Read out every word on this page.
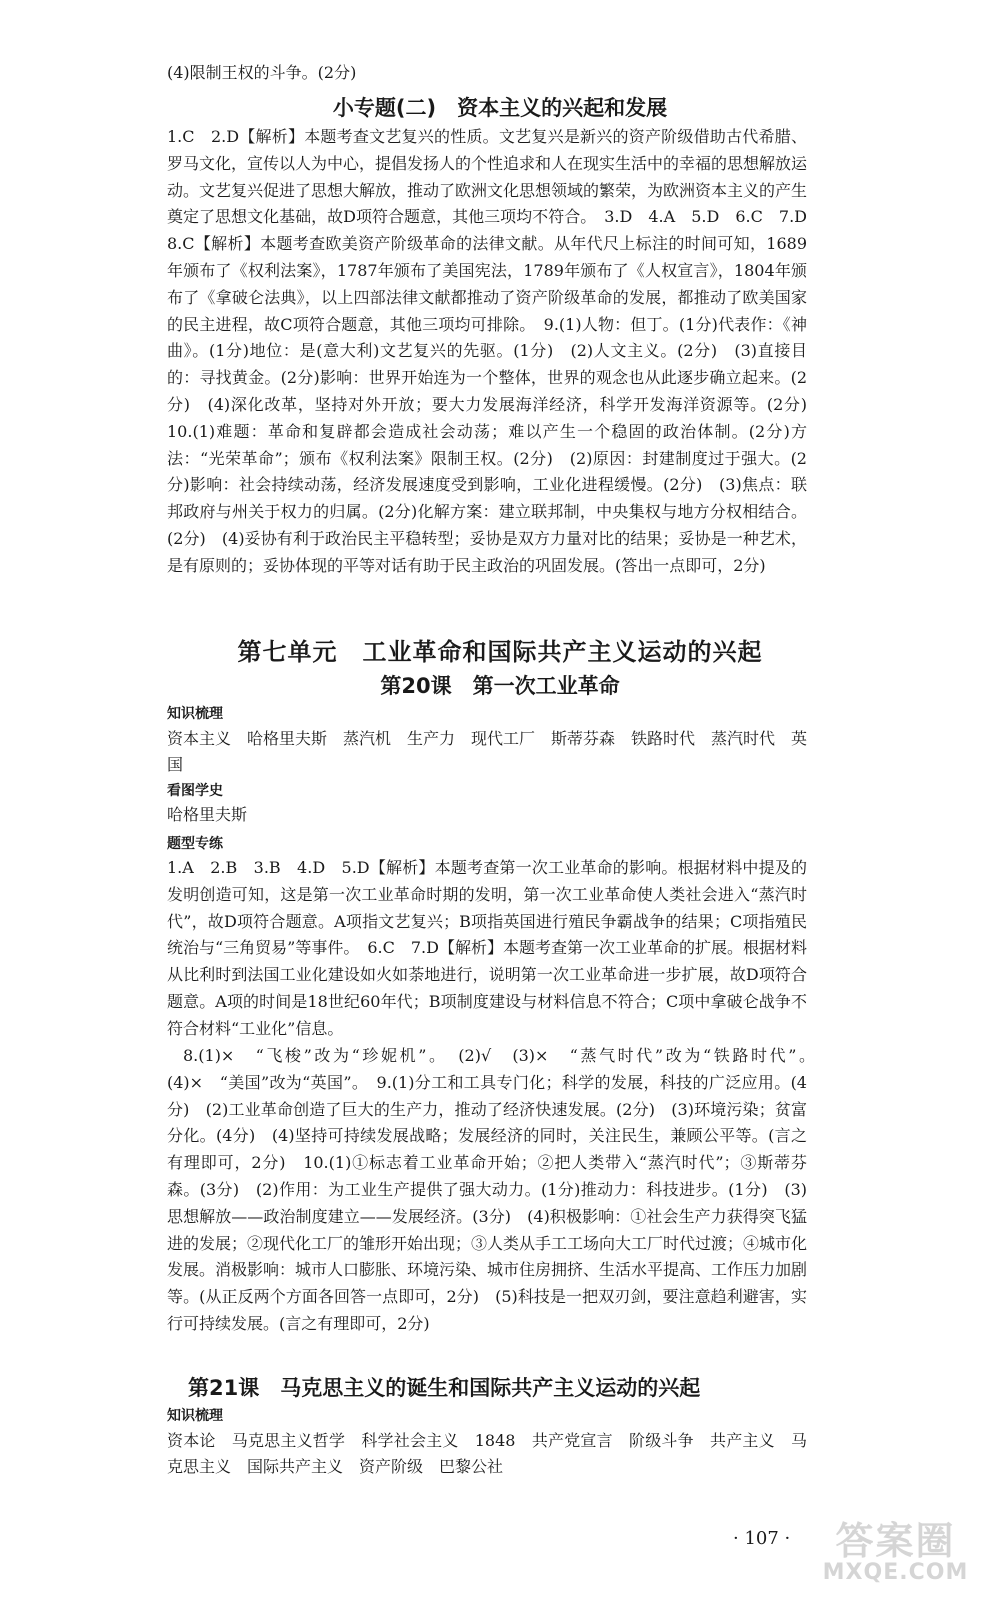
(4)限制王权的斗争。(2分)

小专题(二)　资本主义的兴起和发展

1.C　2.D【解析】本题考查文艺复兴的性质。文艺复兴是新兴的资产阶级借助古代希腊、罗马文化，宣传以人为中心，提倡发扬人的个性追求和人在现实生活中的幸福的思想解放运动。文艺复兴促进了思想大解放，推动了欧洲文化思想领域的繁荣，为欧洲资本主义的产生奠定了思想文化基础，故D项符合题意，其他三项均不符合。　3.D　4.A　5.D　6.C　7.D　8.C【解析】本题考查欧美资产阶级革命的法律文献。从年代尺上标注的时间可知，1689年颁布了《权利法案》，1787年颁布了美国宪法，1789年颁布了《人权宣言》，1804年颁布了《拿破仑法典》，以上四部法律文献都推动了资产阶级革命的发展，都推动了欧美国家的民主进程，故C项符合题意，其他三项均可排除。　9.(1)人物：但丁。(1分)代表作：《神曲》。(1分)地位：是(意大利)文艺复兴的先驱。(1分)　(2)人文主义。(2分)　(3)直接目的：寻找黄金。(2分)影响：世界开始连为一个整体，世界的观念也从此逐步确立起来。(2分)　(4)深化改革，坚持对外开放；要大力发展海洋经济，科学开发海洋资源等。(2分)　10.(1)难题：革命和复辟都会造成社会动荡；难以产生一个稳固的政治体制。(2分)方法：“光荣革命”；颁布《权利法案》限制王权。(2分)　(2)原因：封建制度过于强大。(2分)影响：社会持续动荡，经济发展速度受到影响，工业化进程缓慢。(2分)　(3)焦点：联邦政府与州关于权力的归属。(2分)化解方案：建立联邦制，中央集权与地方分权相结合。(2分)　(4)妥协有利于政治民主平稳转型；妥协是双方力量对比的结果；妥协是一种艺术，是有原则的；妥协体现的平等对话有助于民主政治的巩固发展。(答出一点即可，2分)

第七单元　工业革命和国际共产主义运动的兴起
第20课　第一次工业革命
知识梳理

资本主义　哈格里夫斯　蒸汽机　生产力　现代工厂　斯蒂芬森　铁路时代　蒸汽时代　英国

看图学史

哈格里夫斯

题型专练

1.A　2.B　3.B　4.D　5.D【解析】本题考查第一次工业革命的影响。根据材料中提及的发明创造可知，这是第一次工业革命时期的发明，第一次工业革命使人类社会进入“蒸汽时代”，故D项符合题意。A项指文艺复兴；B项指英国进行殖民争霸战争的结果；C项指殖民统治与“三角贸易”等事件。　6.C　7.D【解析】本题考查第一次工业革命的扩展。根据材料从比利时到法国工业化建设如火如荼地进行，说明第一次工业革命进一步扩展，故D项符合题意。A项的时间是18世纪60年代；B项制度建设与材料信息不符合；C项中拿破仑战争不符合材料“工业化”信息。

8.(1)×　“飞梭”改为“珍妮机”。　(2)√　(3)×　“蒸气时代”改为“铁路时代”。　(4)×　“美国”改为“英国”。　9.(1)分工和工具专门化；科学的发展，科技的广泛应用。(4分)　(2)工业革命创造了巨大的生产力，推动了经济快速发展。(2分)　(3)环境污染；贫富分化。(4分)　(4)坚持可持续发展战略；发展经济的同时，关注民生，兼顾公平等。(言之有理即可，2分)　10.(1)①标志着工业革命开始；②把人类带入“蒸汽时代”；③斯蒂芬森。(3分)　(2)作用：为工业生产提供了强大动力。(1分)推动力：科技进步。(1分)　(3)思想解放——政治制度建立——发展经济。(3分)　(4)积极影响：①社会生产力获得突飞猛进的发展；②现代化工厂的雏形开始出现；③人类从手工工场向大工厂时代过渡；④城市化发展。消极影响：城市人口膨胀、环境污染、城市住房拥挤、生活水平提高、工作压力加剧等。(从正反两个方面各回答一点即可，2分)　(5)科技是一把双刃剑，要注意趋利避害，实行可持续发展。(言之有理即可，2分)

第21课　马克思主义的诞生和国际共产主义运动的兴起
知识梳理

资本论　马克思主义哲学　科学社会主义　1848　共产党宣言　阶级斗争　共产主义　马克思主义　国际共产主义　资产阶级　巴黎公社

· 107 ·	答案圈
MXQE.COM
